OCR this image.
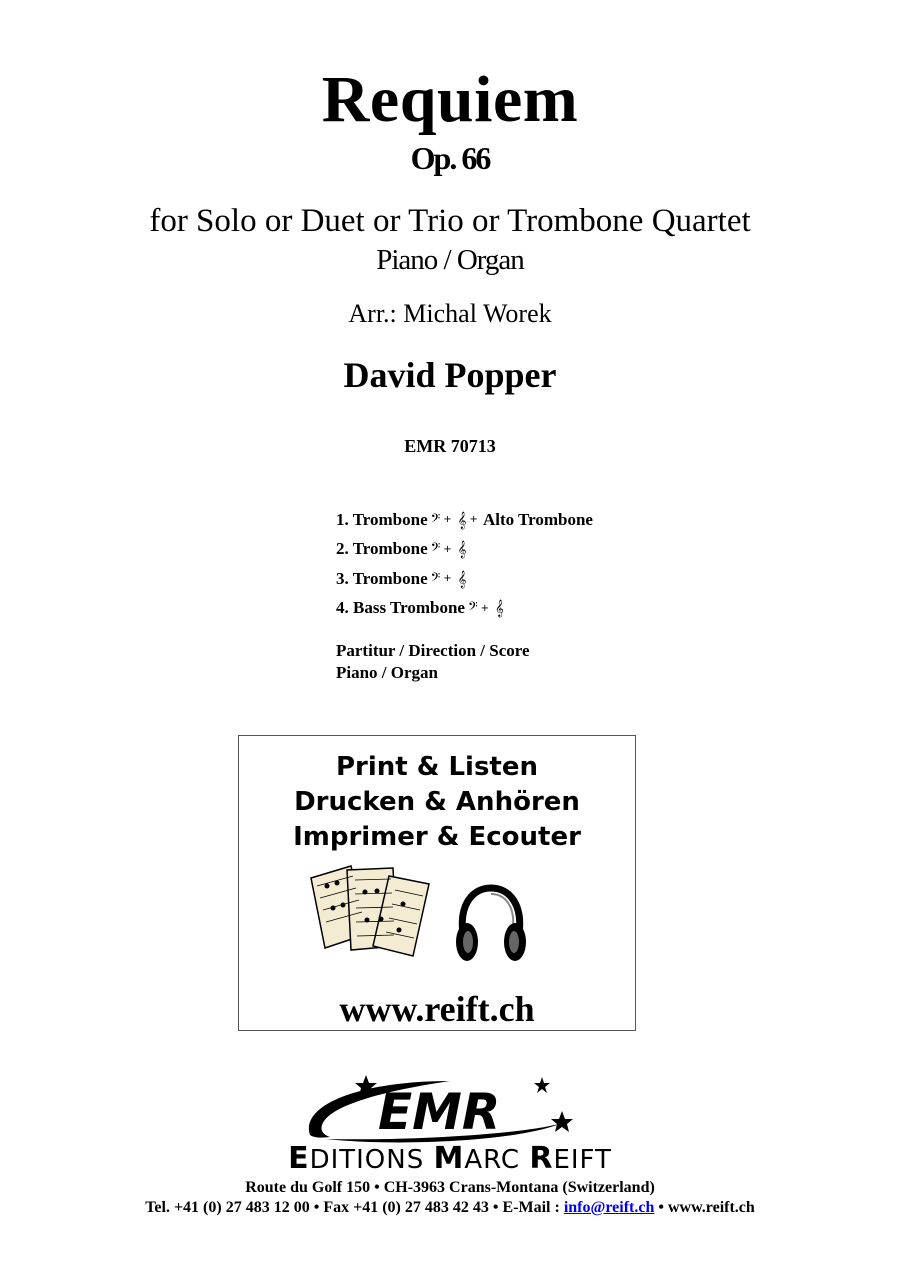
Requiem
Op. 66
for Solo or Duet or Trio or Trombone Quartet
Piano / Organ
Arr.: Michal Worek
David Popper
EMR 70713
1. Trombone 𝄢 + 𝄞 + Alto Trombone
2. Trombone 𝄢 + 𝄞
3. Trombone 𝄢 + 𝄞
4. Bass Trombone 𝄢 + 𝄞
Partitur / Direction / Score
Piano / Organ
Print & Listen
Drucken & Anhören
Imprimer & Ecouter
www.reift.ch
EMR
EDITIONS MARC REIFT
Route du Golf 150 • CH-3963 Crans-Montana (Switzerland)
Tel. +41 (0) 27 483 12 00 • Fax +41 (0) 27 483 42 43 • E-Mail : info@reift.ch • www.reift.ch
